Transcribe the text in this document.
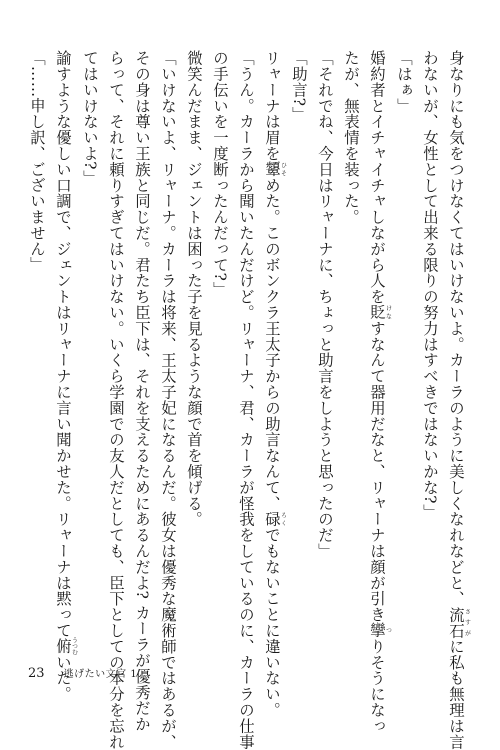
身なりにも気をつけなくてはいけないよ。カーラのように美しくなれなどと、流石さすがに私も無理は言
わないが、女性として出来る限りの努力はすべきではないかな?」
「はぁ」
婚約者とイチャイチャしながら人を貶けなすなんて器用だなと、リャーナは顔が引き攣つりそうになっ
たが、無表情を装った。
「それでね、今日はリャーナに、ちょっと助言をしようと思ったのだ」
「助言?」
リャーナは眉を顰ひそめた。このボンクラ王太子からの助言なんて、碌ろくでもないことに違いない。
「うん。カーラから聞いたんだけど。リャーナ、君、カーラが怪我をしているのに、カーラの仕事
の手伝いを一度断ったんだって?」
微笑んだまま、ジェントは困った子を見るような顔で首を傾げる。
「いけないよ、リャーナ。カーラは将来、王太子妃になるんだ。彼女は優秀な魔術師ではあるが、
その身は尊い王族と同じだ。君たち臣下は、それを支えるためにあるんだよ? カーラが優秀だか
らって、それに頼りすぎてはいけない。いくら学園での友人だとしても、臣下としての本分を忘れ
てはいけないよ?」
諭すような優しい口調で、ジェントはリャーナに言い聞かせた。リャーナは黙って俯うつむいた。
「……申し訳、ございません」
23 逃げたい文官 1
